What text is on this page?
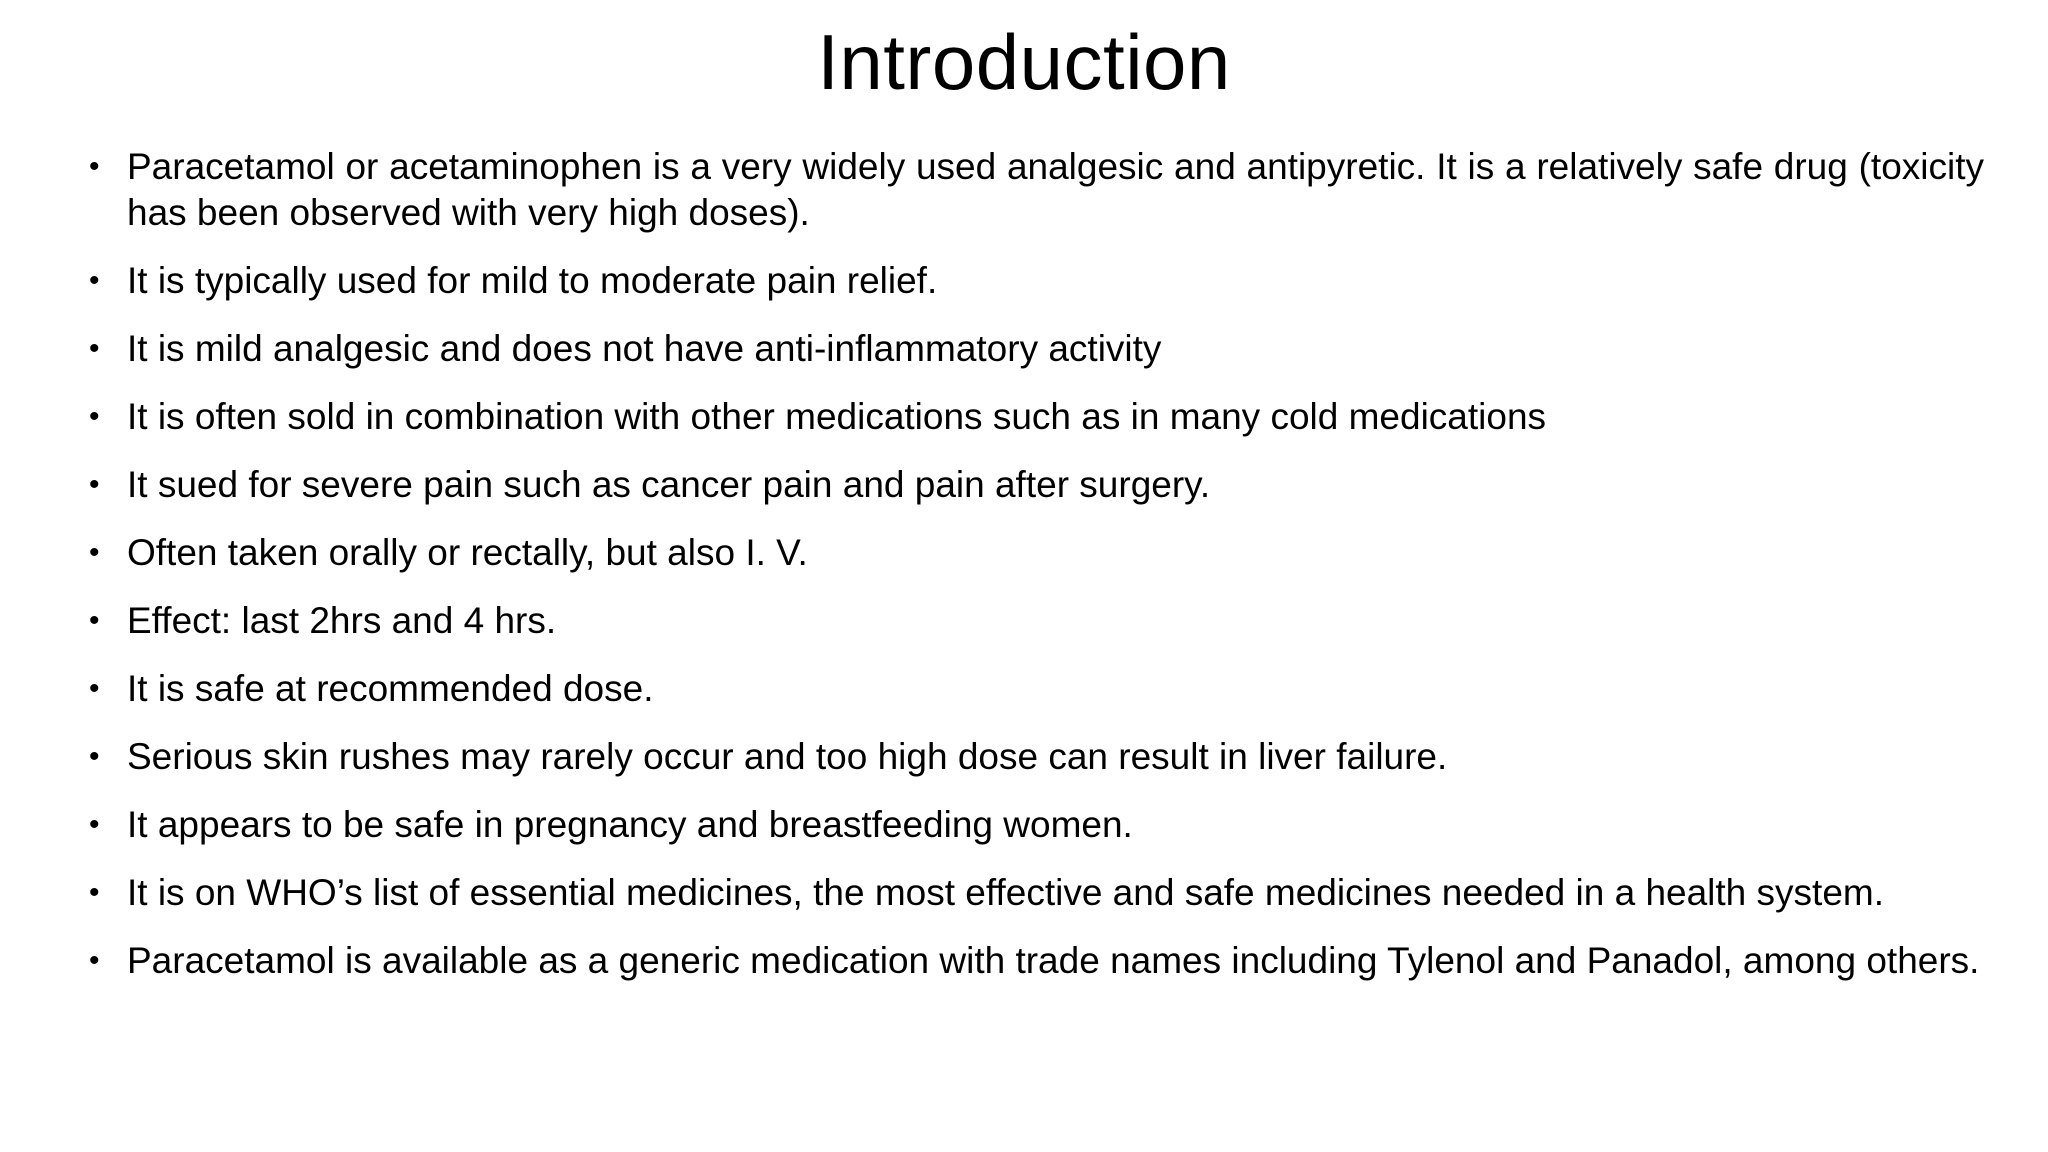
Introduction
• Paracetamol or acetaminophen is a very widely used analgesic and antipyretic. It is a relatively safe drug (toxicity has been observed with very high doses).
• It is typically used for mild to moderate pain relief.
• It is mild analgesic and does not have anti-inflammatory activity
• It is often sold in combination with other medications such as in many cold medications
• It sued for severe pain such as cancer pain and pain after surgery.
• Often taken orally or rectally, but also I. V.
• Effect: last 2hrs and 4 hrs.
• It is safe at recommended dose.
• Serious skin rushes may rarely occur and too high dose can result in liver failure.
• It appears to be safe in pregnancy and breastfeeding women.
• It is on WHO’s list of essential medicines, the most effective and safe medicines needed in a health system.
• Paracetamol is available as a generic medication with trade names including Tylenol and Panadol, among others.
